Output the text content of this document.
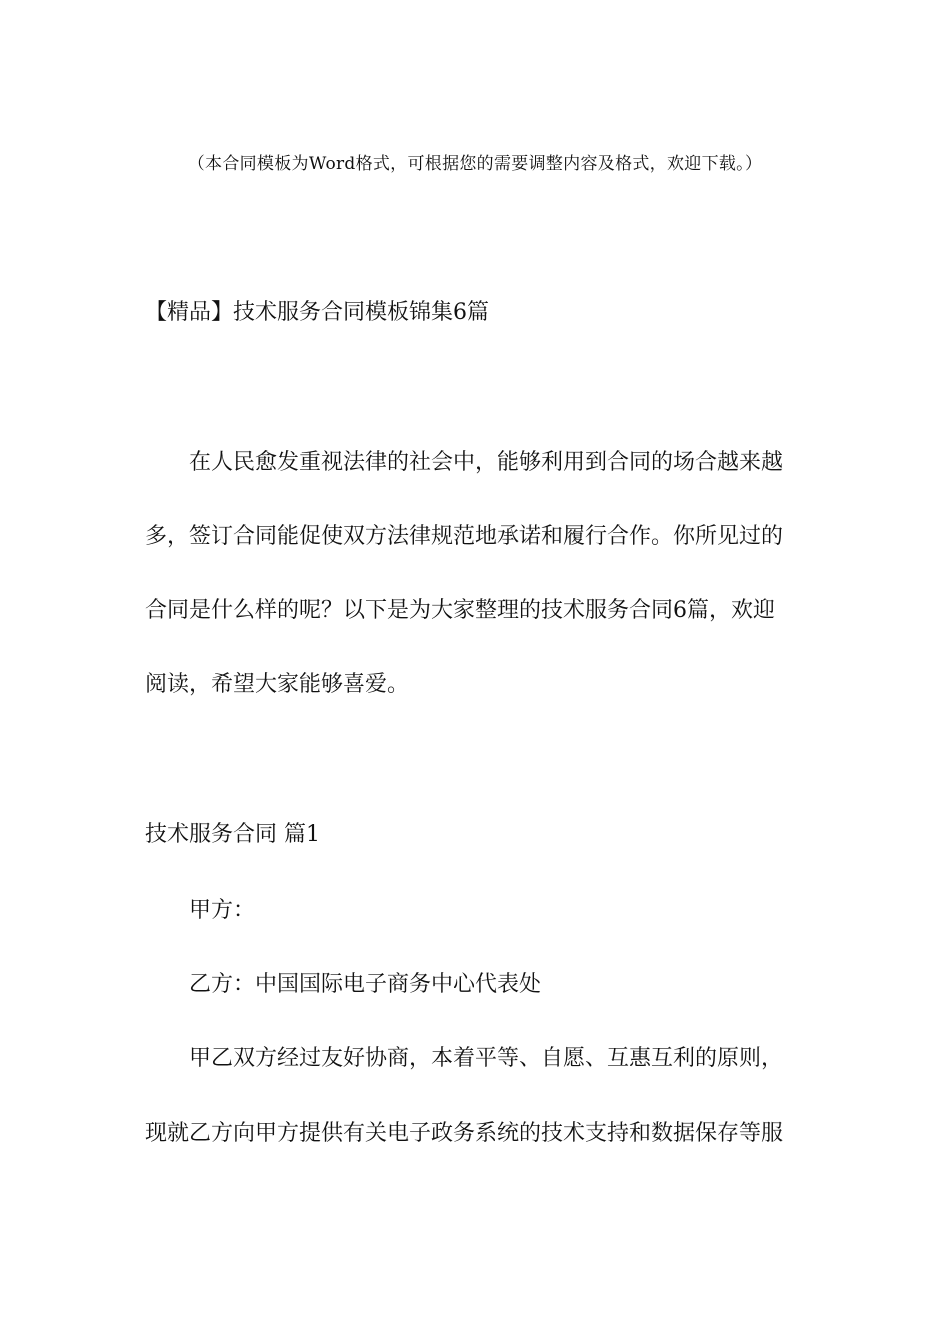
（本合同模板为Word格式，可根据您的需要调整内容及格式，欢迎下载。）
【精品】技术服务合同模板锦集6篇
在人民愈发重视法律的社会中，能够利用到合同的场合越来越
多，签订合同能促使双方法律规范地承诺和履行合作。你所见过的
合同是什么样的呢？以下是为大家整理的技术服务合同6篇，欢迎
阅读，希望大家能够喜爱。
技术服务合同 篇1
甲方：
乙方：中国国际电子商务中心代表处
甲乙双方经过友好协商，本着平等、自愿、互惠互利的原则，
现就乙方向甲方提供有关电子政务系统的技术支持和数据保存等服
